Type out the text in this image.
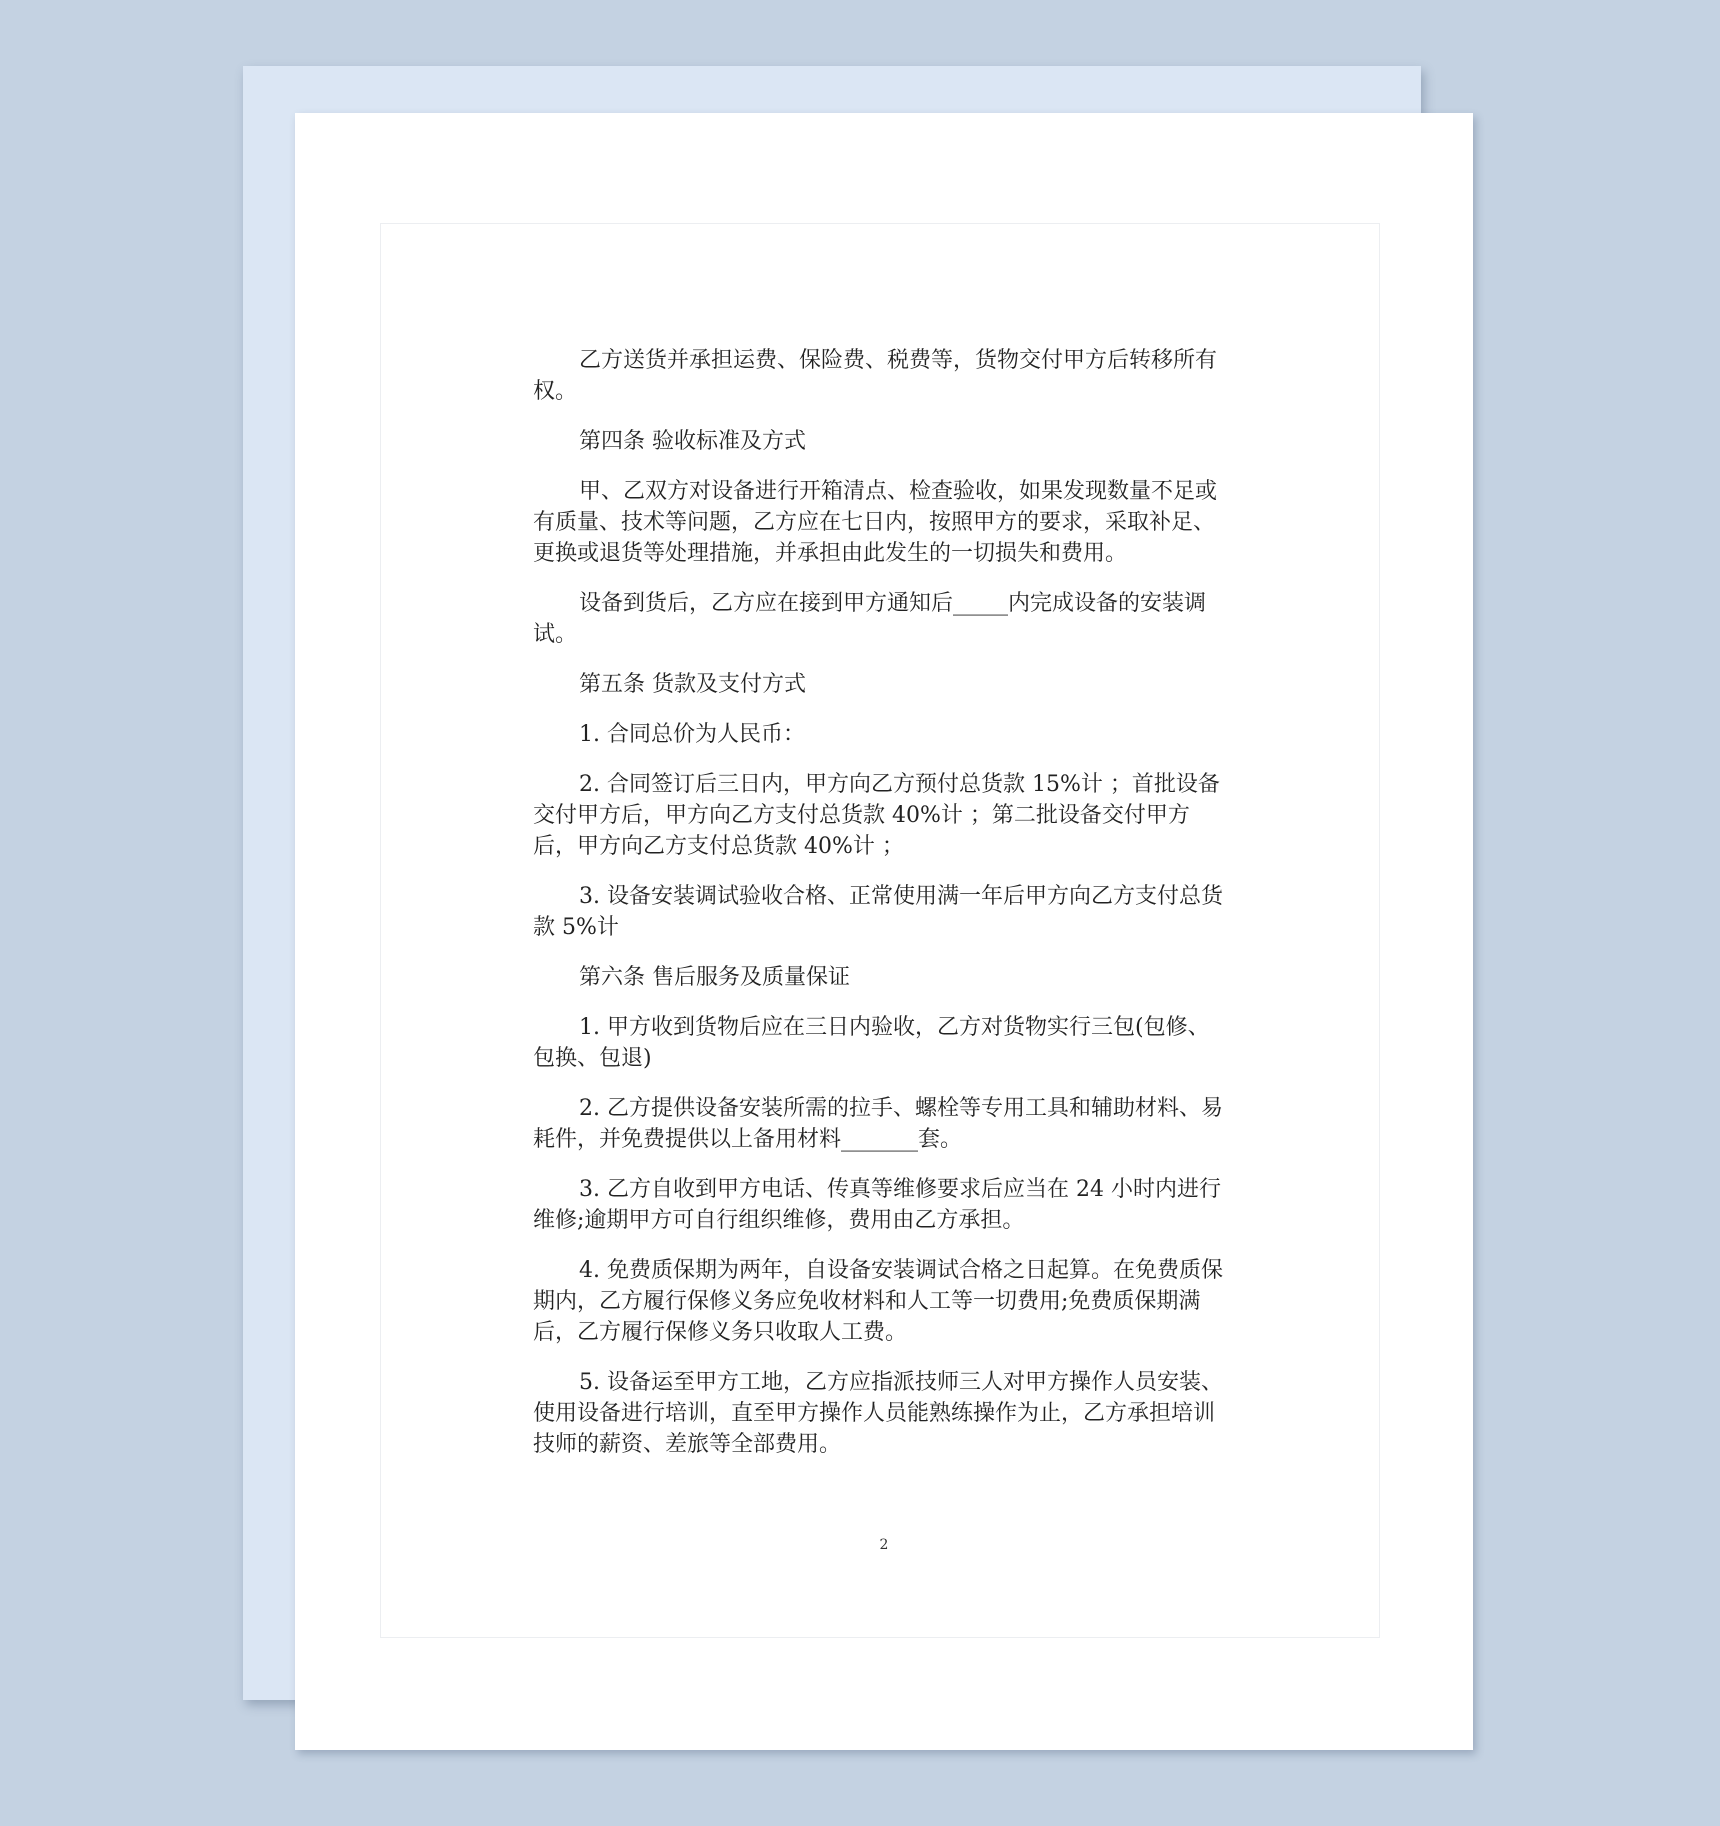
乙方送货并承担运费、保险费、税费等，货物交付甲方后转移所有权。

第四条 验收标准及方式

甲、乙双方对设备进行开箱清点、检查验收，如果发现数量不足或有质量、技术等问题，乙方应在七日内，按照甲方的要求，采取补足、更换或退货等处理措施，并承担由此发生的一切损失和费用。

设备到货后，乙方应在接到甲方通知后_____内完成设备的安装调试。

第五条 货款及支付方式

1. 合同总价为人民币：

2. 合同签订后三日内，甲方向乙方预付总货款 15%计 ；首批设备交付甲方后，甲方向乙方支付总货款 40%计 ；第二批设备交付甲方后，甲方向乙方支付总货款 40%计 ；

3. 设备安装调试验收合格、正常使用满一年后甲方向乙方支付总货款 5%计

第六条 售后服务及质量保证

1. 甲方收到货物后应在三日内验收，乙方对货物实行三包(包修、包换、包退)

2. 乙方提供设备安装所需的拉手、螺栓等专用工具和辅助材料、易耗件，并免费提供以上备用材料_______套。

3. 乙方自收到甲方电话、传真等维修要求后应当在 24 小时内进行维修;逾期甲方可自行组织维修，费用由乙方承担。

4. 免费质保期为两年，自设备安装调试合格之日起算。在免费质保期内，乙方履行保修义务应免收材料和人工等一切费用;免费质保期满后，乙方履行保修义务只收取人工费。

5. 设备运至甲方工地，乙方应指派技师三人对甲方操作人员安装、使用设备进行培训，直至甲方操作人员能熟练操作为止，乙方承担培训技师的薪资、差旅等全部费用。

2
